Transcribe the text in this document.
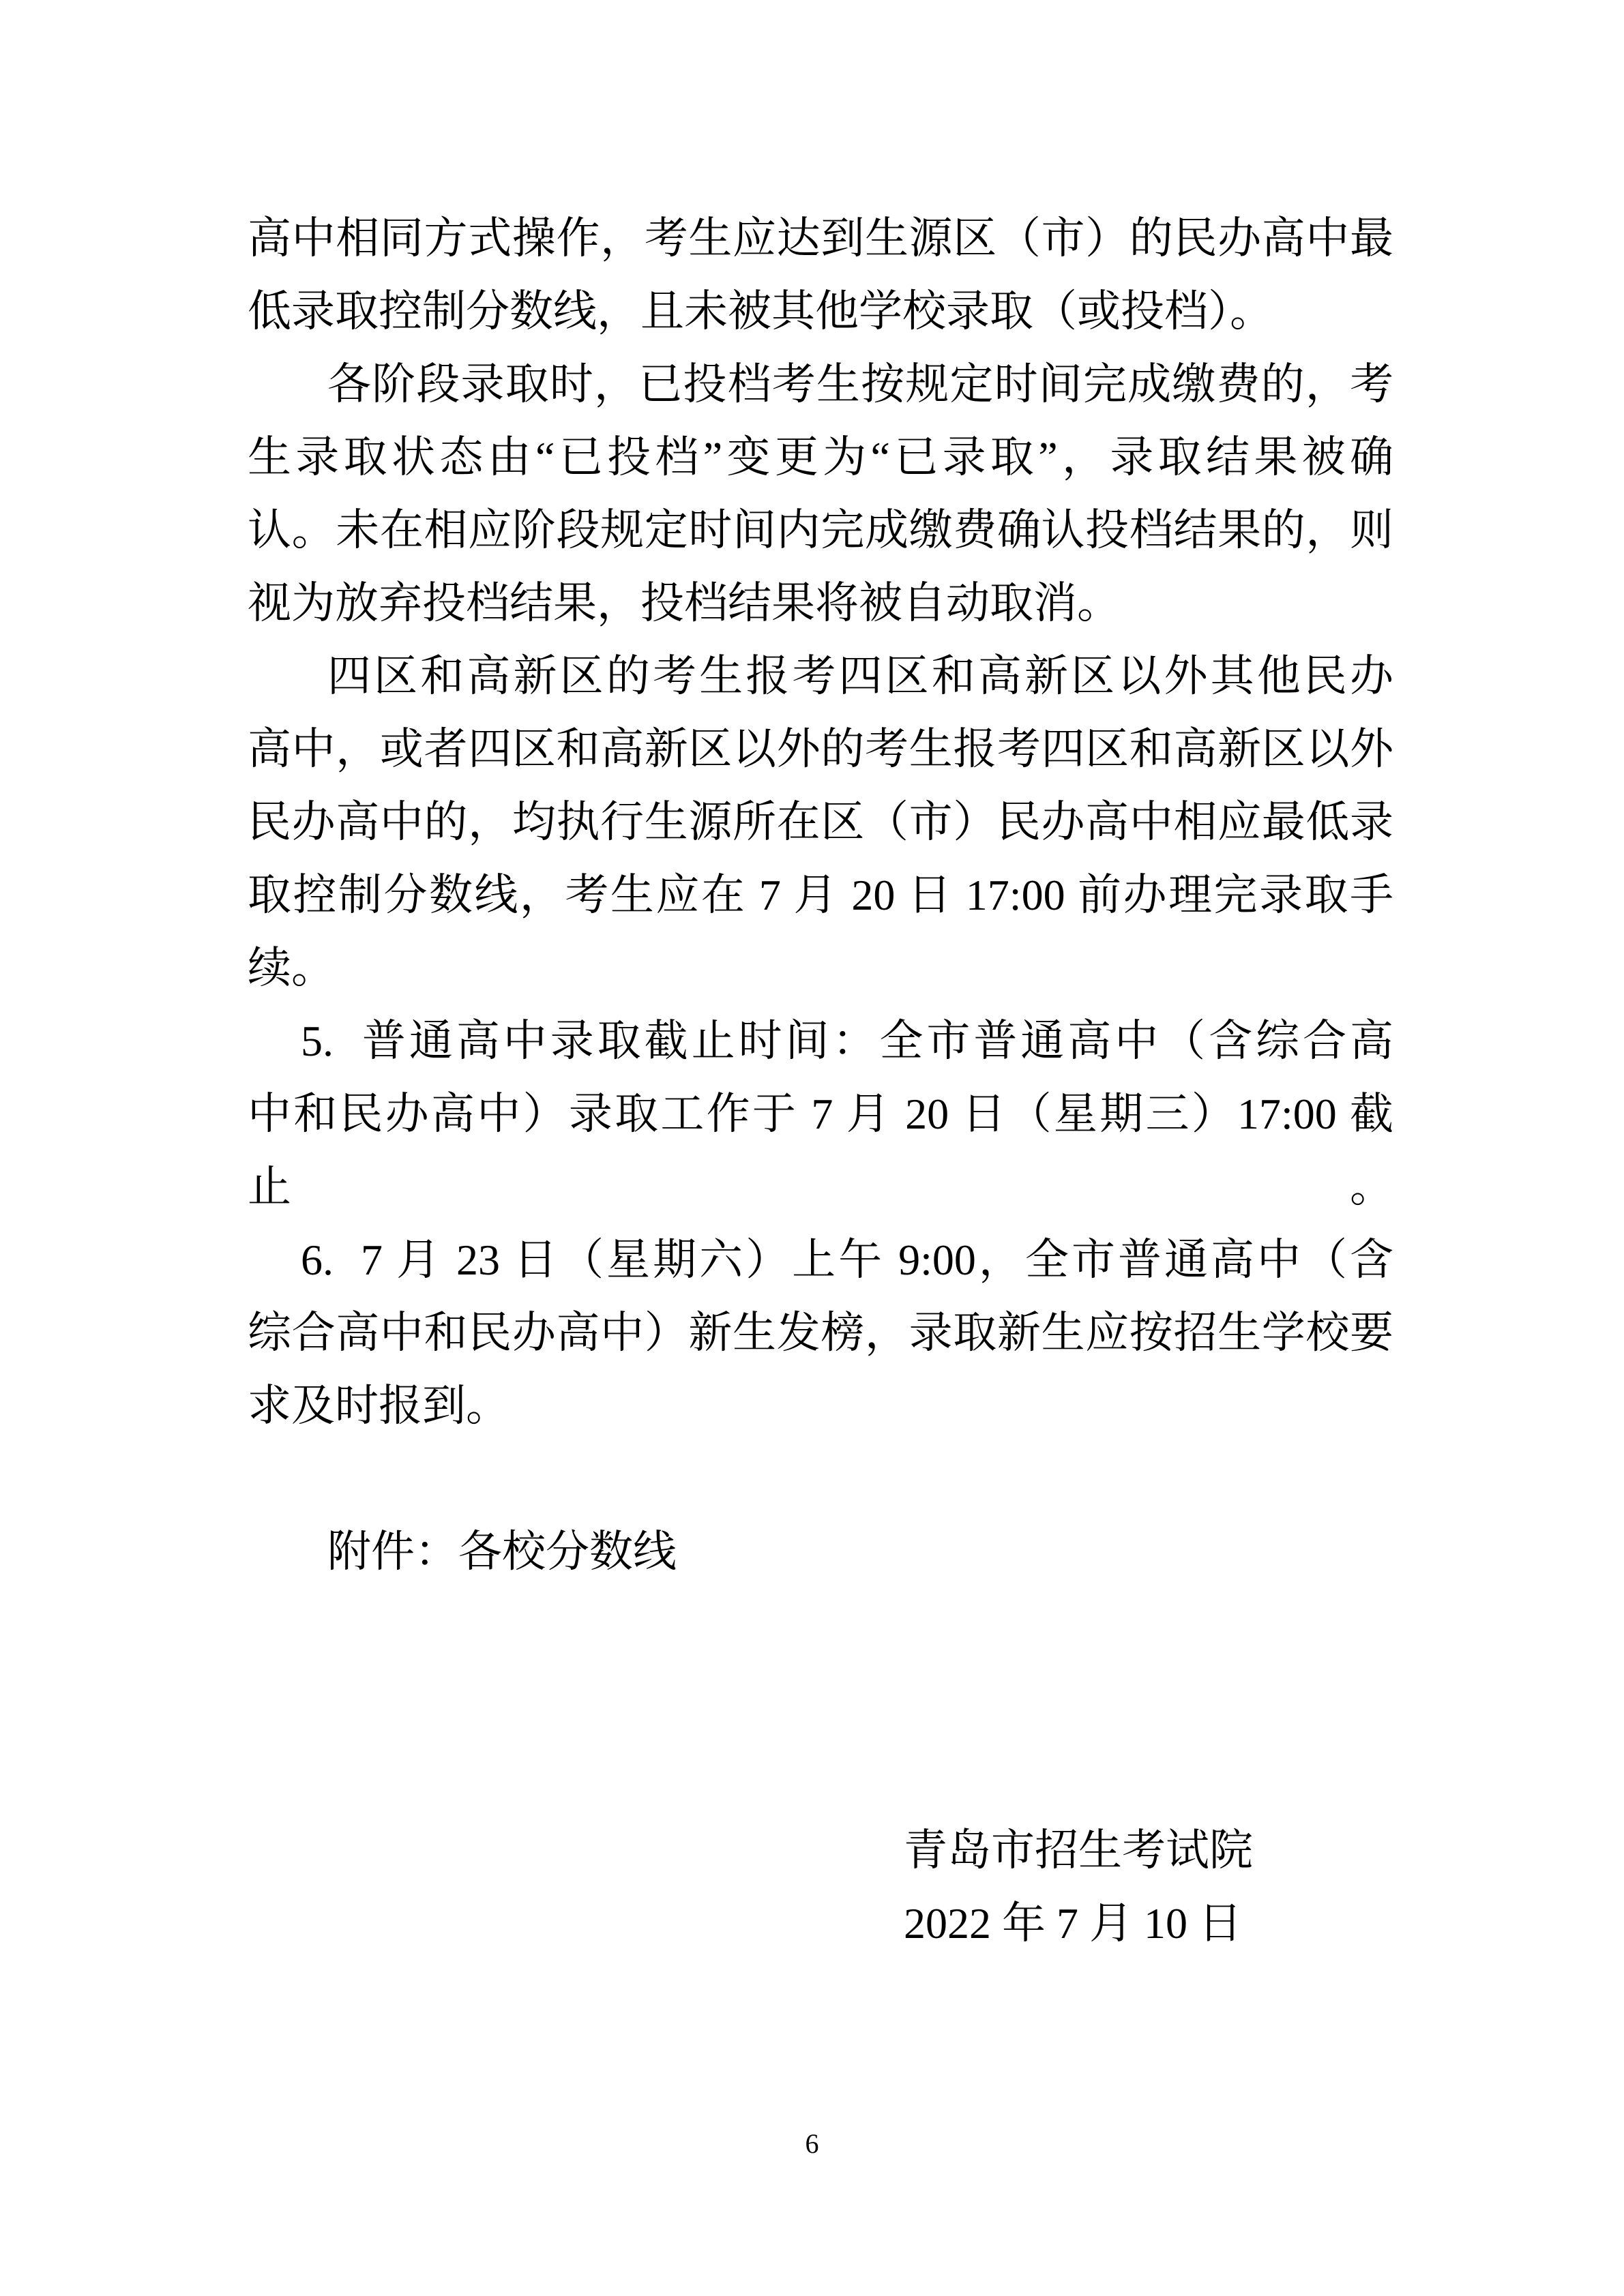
高中相同方式操作，考生应达到生源区（市）的民办高中最
低录取控制分数线，且未被其他学校录取（或投档）。
各阶段录取时，已投档考生按规定时间完成缴费的，考
生录取状态由“已投档”变更为“已录取”，录取结果被确
认。未在相应阶段规定时间内完成缴费确认投档结果的，则
视为放弃投档结果，投档结果将被自动取消。
四区和高新区的考生报考四区和高新区以外其他民办
高中，或者四区和高新区以外的考生报考四区和高新区以外
民办高中的，均执行生源所在区（市）民办高中相应最低录
取控制分数线，考生应在 7 月 20 日 17:00 前办理完录取手
续。
5.  普通高中录取截止时间：全市普通高中（含综合高
中和民办高中）录取工作于 7 月 20 日（星期三）17:00 截止。
6.  7 月 23 日（星期六）上午 9:00，全市普通高中（含
综合高中和民办高中）新生发榜，录取新生应按招生学校要
求及时报到。
附件：各校分数线
青岛市招生考试院
2022 年 7 月 10 日
6
